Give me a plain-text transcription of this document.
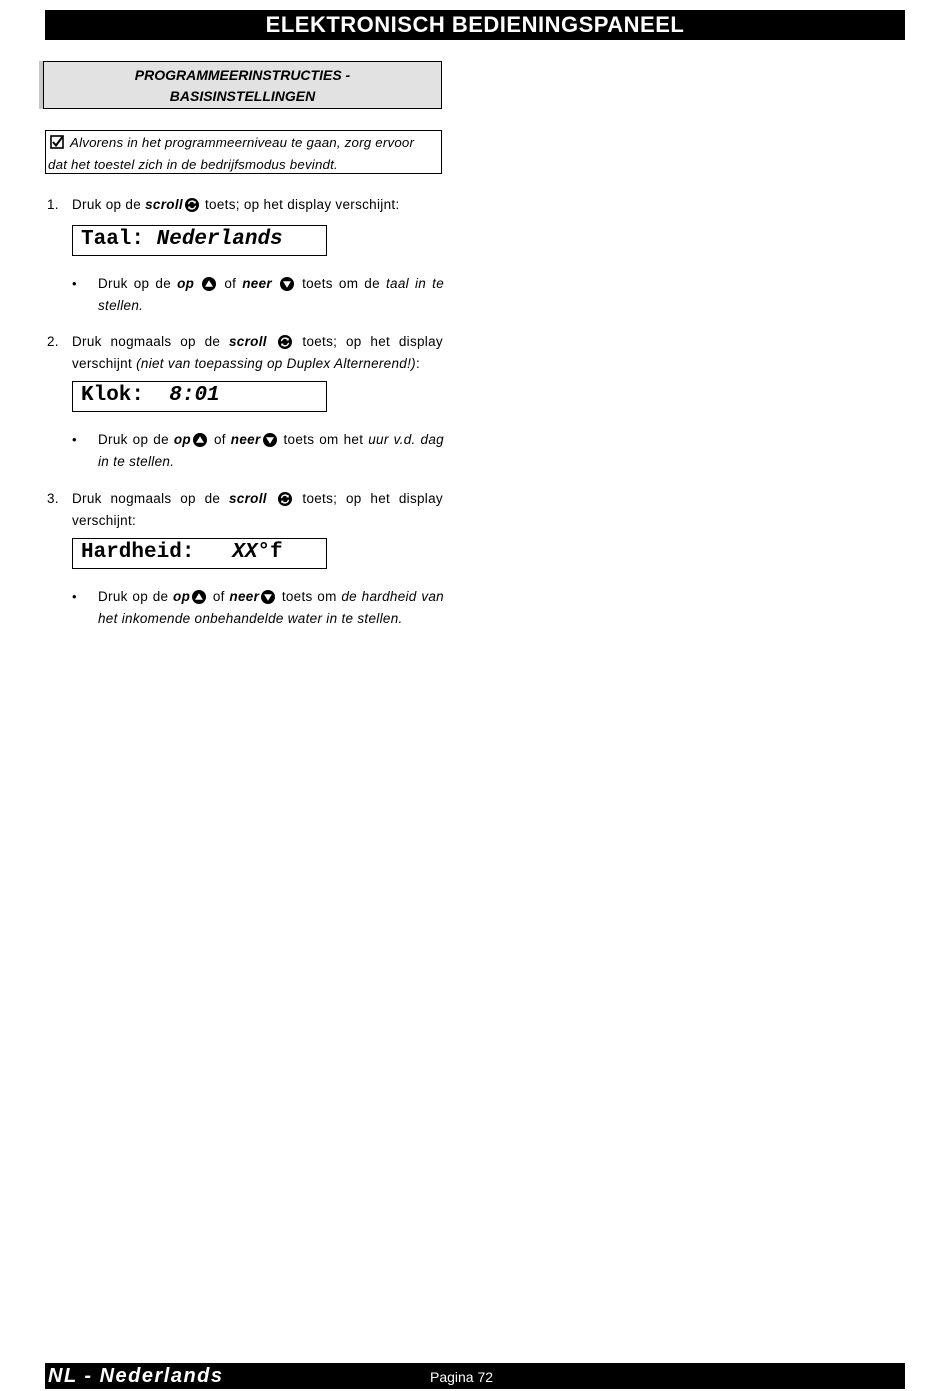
ELEKTRONISCH BEDIENINGSPANEEL
PROGRAMMEERINSTRUCTIES -
BASISINSTELLINGEN
Alvorens in het programmeerniveau te gaan, zorg ervoor
dat het toestel zich in de bedrijfsmodus bevindt.
1. Druk op de scroll toets; op het display verschijnt:
Taal: Nederlands
• Druk op de op of neer toets om de taal in te stellen.
2. Druk nogmaals op de scroll	toets; op het display verschijnt (niet van toepassing op Duplex Alternerend!):
Klok: 8:01
• Druk op de op of neer toets om het uur v.d. dag in te stellen.
3. Druk nogmaals op de scroll	toets; op het display verschijnt:
Hardheid: XX°f
• Druk op de op of neer toets om de hardheid van het inkomende onbehandelde water in te stellen.
NL - Nederlands	Pagina 72
